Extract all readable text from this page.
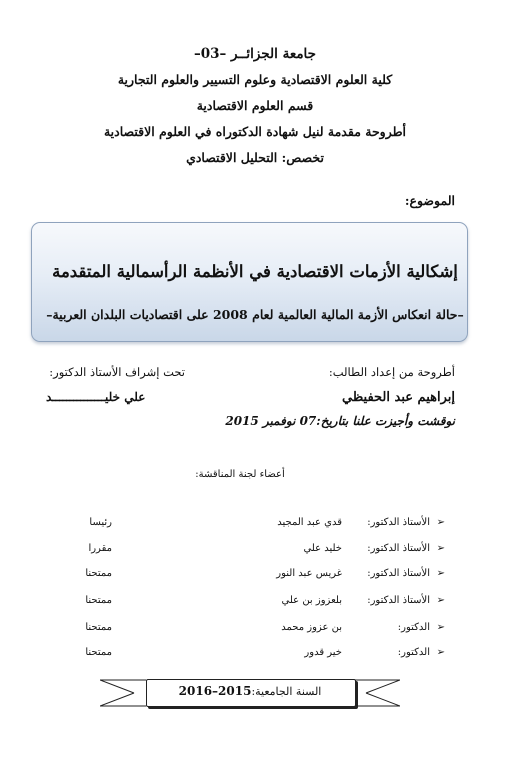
جامعة الجزائــر –03–
كلية العلوم الاقتصادية وعلوم التسيير والعلوم التجارية
قسم العلوم الاقتصادية
أطروحة مقدمة لنيل شهادة الدكتوراه في العلوم الاقتصادية
تخصص: التحليل الاقتصادي
الموضوع:
إشكالية الأزمات الاقتصادية في الأنظمة الرأسمالية المتقدمة
–حالة انعكاس الأزمة المالية العالمية لعام 2008 على اقتصاديات البلدان العربية–
أطروحة من إعداد الطالب:
تحت إشراف الأستاذ الدكتور:
إبراهيم عبد الحفيظي
علي خليـــــــــــــــد
نوقشت وأجيزت علنا بتاريخ:07 نوفمبر 2015
أعضاء لجنة المناقشة:
➢
الأستاذ الدكتور:
قدي عبد المجيد
رئيسا
➢
الأستاذ الدكتور:
خليد علي
مقررا
➢
الأستاذ الدكتور:
غريس عبد النور
ممتحنا
➢
الأستاذ الدكتور:
بلعزوز بن علي
ممتحنا
➢
الدكتور:
بن عزوز محمد
ممتحنا
➢
الدكتور:
خير قدور
ممتحنا
السنة الجامعية:2016–2015
